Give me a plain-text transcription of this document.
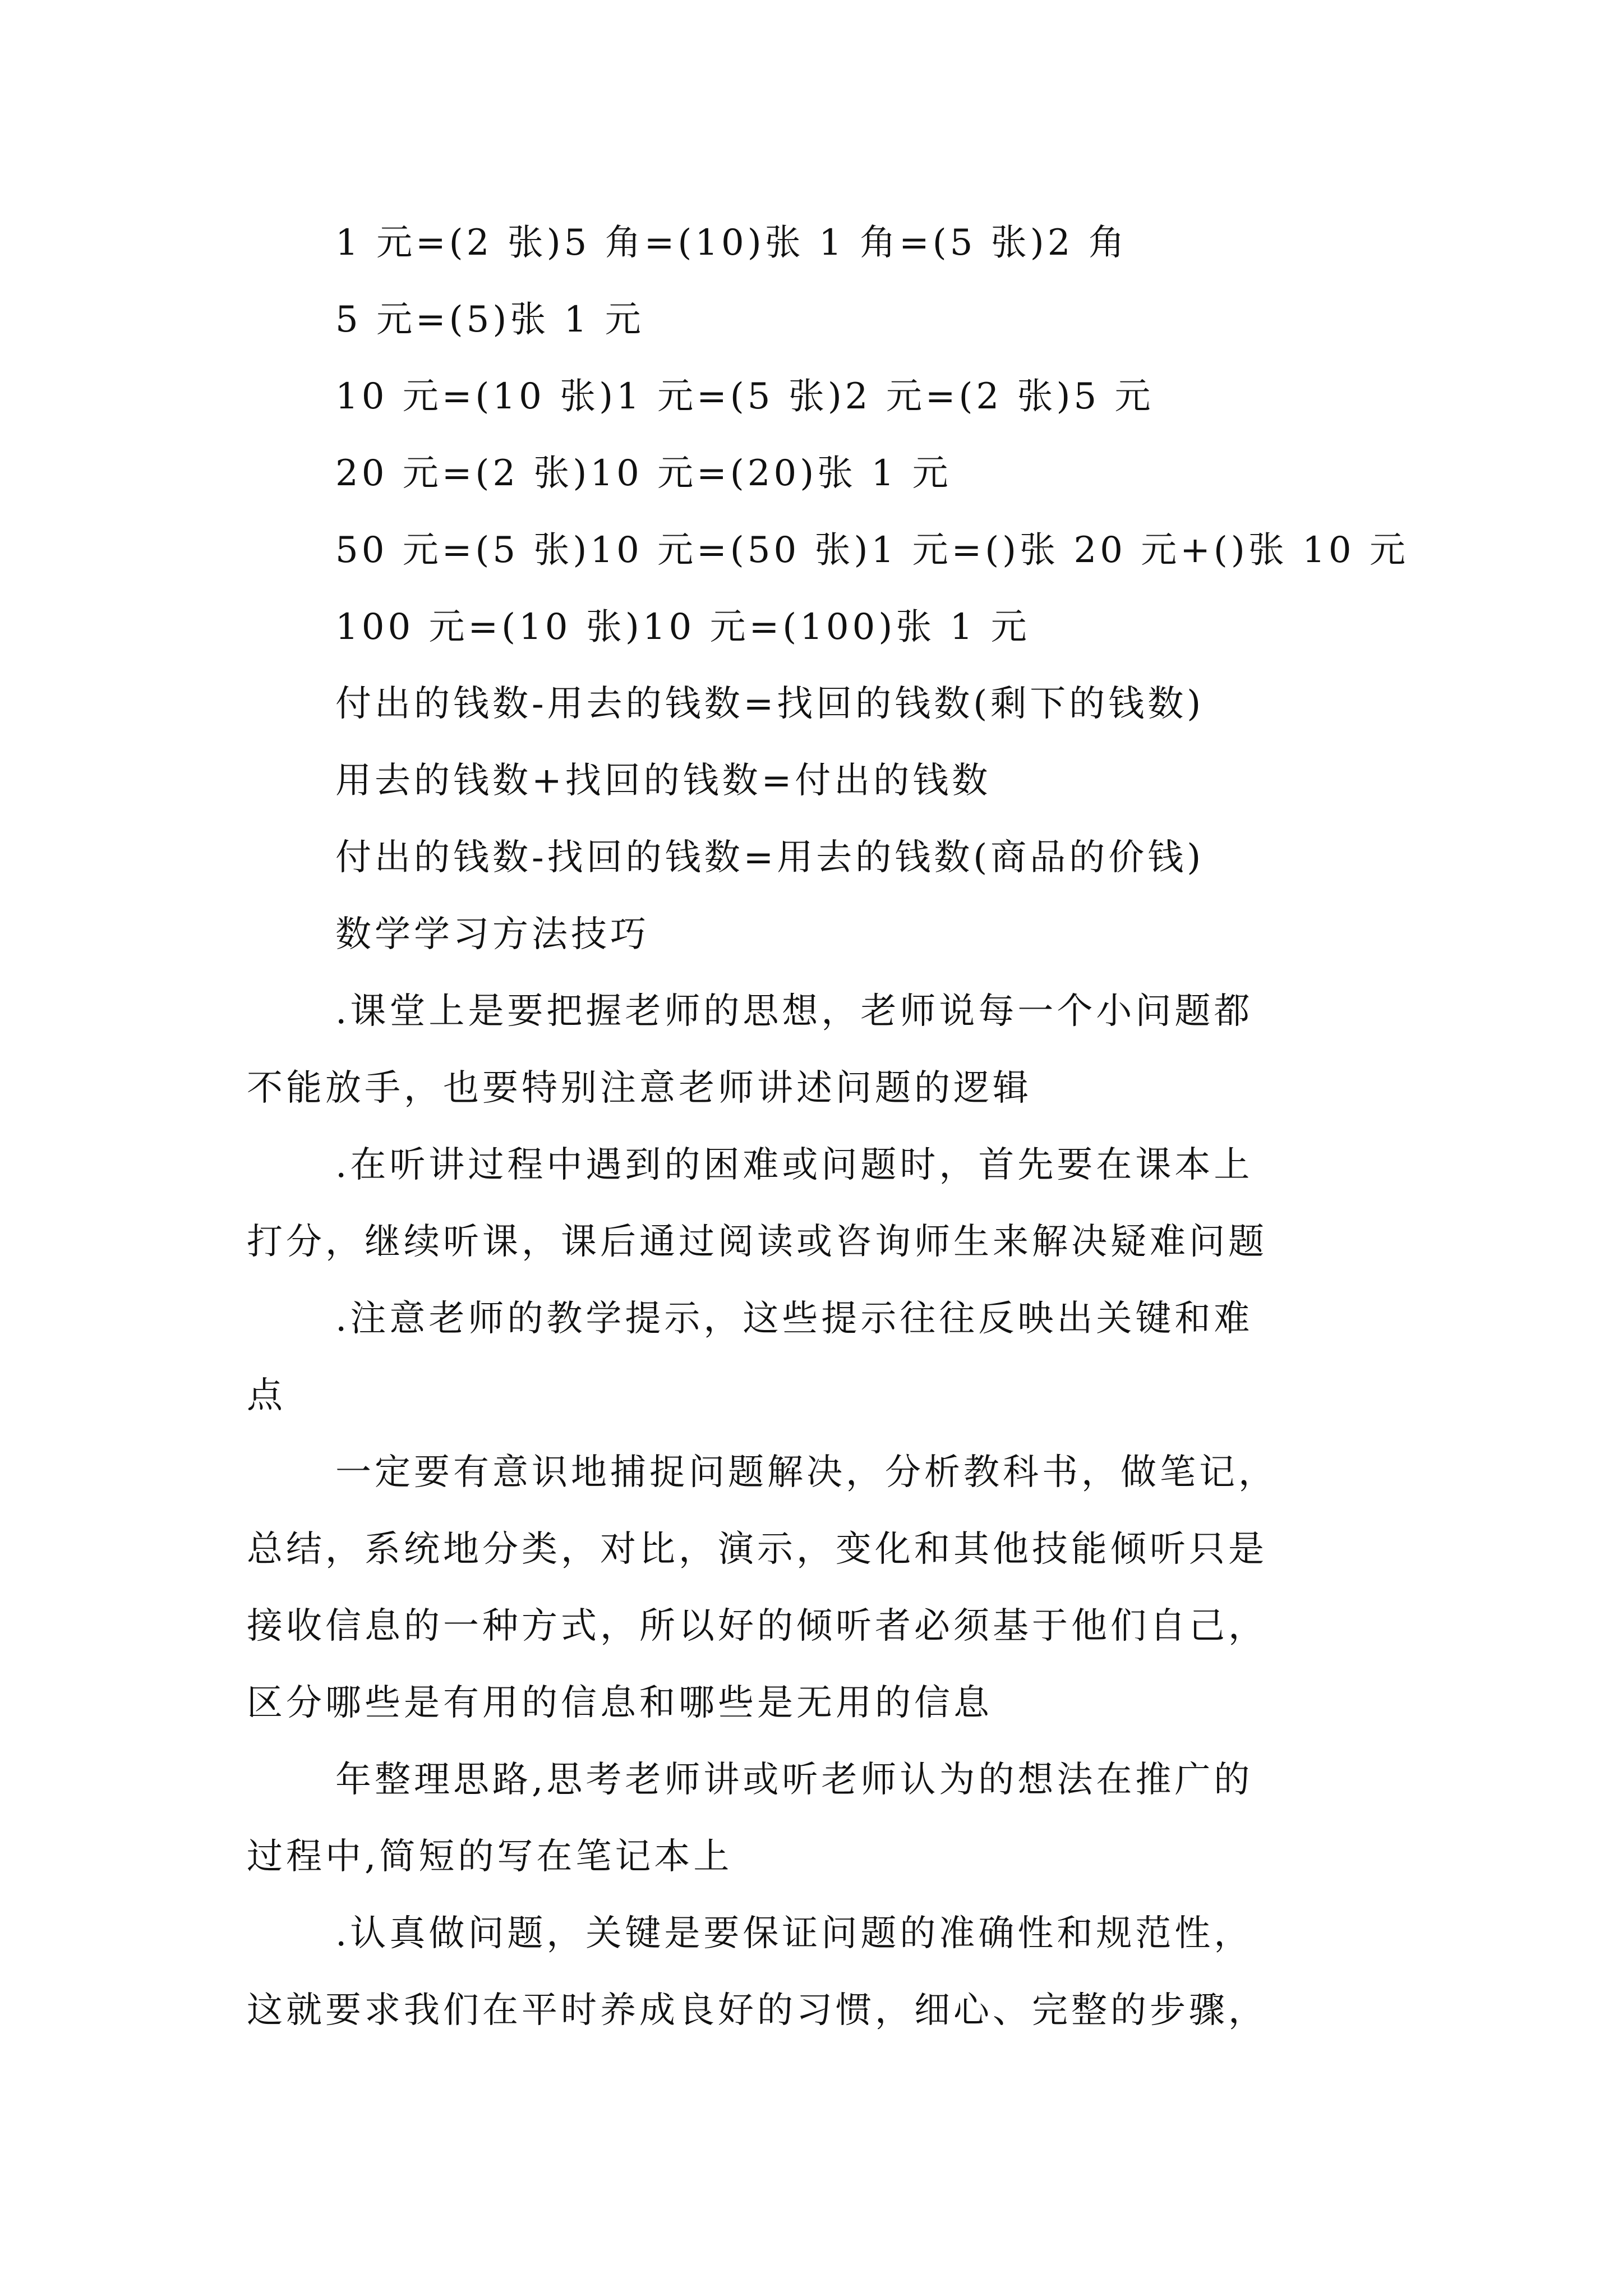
1 元=(2 张)5 角=(10)张 1 角=(5 张)2 角
5 元=(5)张 1 元
10 元=(10 张)1 元=(5 张)2 元=(2 张)5 元
20 元=(2 张)10 元=(20)张 1 元
50 元=(5 张)10 元=(50 张)1 元=()张 20 元+()张 10 元
100 元=(10 张)10 元=(100)张 1 元
付出的钱数-用去的钱数=找回的钱数(剩下的钱数)
用去的钱数+找回的钱数=付出的钱数
付出的钱数-找回的钱数=用去的钱数(商品的价钱)
数学学习方法技巧
.课堂上是要把握老师的思想，老师说每一个小问题都
不能放手，也要特别注意老师讲述问题的逻辑
.在听讲过程中遇到的困难或问题时，首先要在课本上
打分，继续听课，课后通过阅读或咨询师生来解决疑难问题
.注意老师的教学提示，这些提示往往反映出关键和难
点
一定要有意识地捕捉问题解决，分析教科书，做笔记，
总结，系统地分类，对比，演示，变化和其他技能倾听只是
接收信息的一种方式，所以好的倾听者必须基于他们自己，
区分哪些是有用的信息和哪些是无用的信息
年整理思路,思考老师讲或听老师认为的想法在推广的
过程中,简短的写在笔记本上
.认真做问题，关键是要保证问题的准确性和规范性，
这就要求我们在平时养成良好的习惯，细心、完整的步骤，
